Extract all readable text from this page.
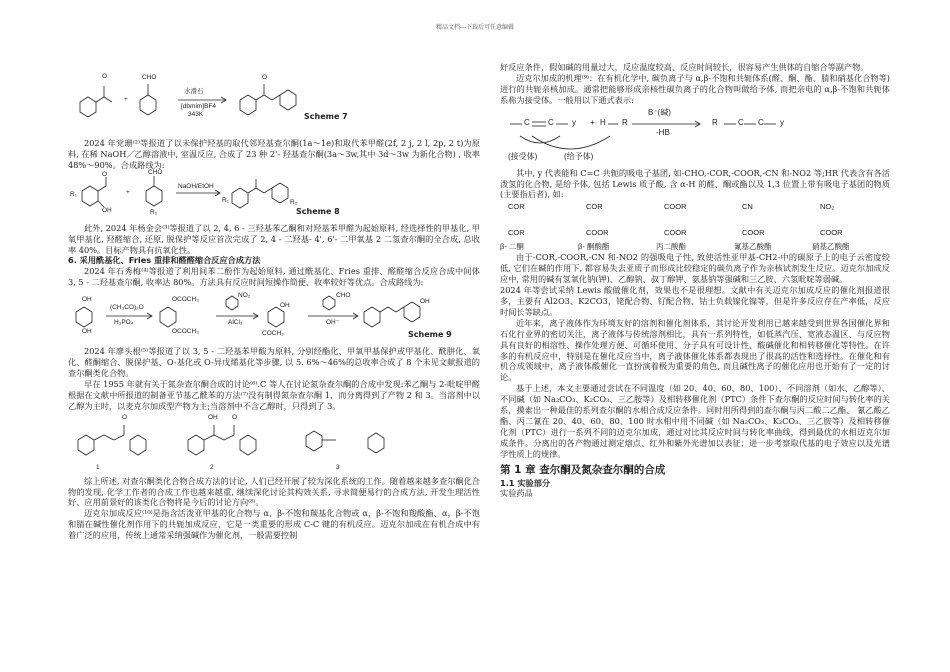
精品文档---下载后可任意编辑
O	CHO
+
水滑石
[dbmim]BF4
343K
O
Scheme 7

2024 年党珊⁽²⁾等报道了以未保护羟基的取代邻羟基查尔酮(1a～1e)和取代苯甲醛(2f, 2 j, 2 l, 2p, 2 t)为原料, 在稀 NaOH／乙醇溶液中, 室温反应, 合成了 23 种 2'- 羟基查尔酮(3a～3w,其中 3d～3w 为新化合物) , 收率 48%～90%。合成路线为:

R₁
O
OH
+
CHO
R₂
NaOH/EtOH
R₁	R₂
Scheme 8

此外, 2024 年杨金会⁽³⁾等报道了以 2, 4, 6 - 三羟基苯乙酮和对羟基苯甲醛为起始原料, 经选择性的甲基化, 甲氧甲基化, 羟醛缩合, 还原, 脱保护等反应首次完成了 2, 4 - 二羟基- 4', 6'- 二甲氧基 2 二氢查尔酮的全合成, 总收率 40%。目标产物具有抗氧化性。

6. 采用酰基化、Fries 重排和醛醛缩合反应合成方法

2024 年石秀梅⁽⁴⁾等报道了利用间苯二酚作为起始原料, 通过酰基化、Fries 重排、醛醛缩合反应合成中间体 3, 5 - 二羟基查尔酮, 收率达 80%。方法具有反应时间短操作简便、收率较好等优点。合成路线为:

OH
OH
(CH₃CO)₂O
H₃PO₄
OCOCH₃
OCOCH₃
NO₂
AlCl₃
OH
COCH₃
CHO
OH⁻
OH
Scheme 9

2024 年廖头根⁽⁵⁾等报道了以 3, 5 - 二羟基苯甲酸为原料, 分别经酯化、甲氧甲基保护或甲基化、酰肼化、氧化、醛酮缩合、脱保护基、O-基化或 O-异戊烯基化等步骤, 以 5. 6%～46%的总收率合成了 8 个未见文献报道的查尔酮类化合物。

早在 1955 年就有关于氮杂查尔酮合成的讨论⁽⁶⁾.C 等人在讨论氮杂查尔酮的合成中发现:苯乙酮与 2-吡啶甲醛根据在文献中所报道的制备亚节基乙酰苯的方法⁽⁷⁾没有制得氮杂查尔酮 1，而分离得到了产物 2 和 3。当溶剂中以乙醇为主时，以麦克尔加成型产物为主;当溶剂中不含乙醇时，只得到了 3。

O	OH O
1	2	3

综上所述, 对查尔酮类化合物合成方法的讨论, 人们已经开展了较为深化系统的工作。随着越来越多查尔酮化合物的发现, 化学工作者的合成工作也越来越重, 继续深化讨论其构效关系, 寻求简便易行的合成方法, 开发生理活性好、应用前景好的该类化合物将是今后的讨论方向⁽⁸⁾。

迈克尔加成反应⁽¹⁰⁾是指含活泼亚甲基的化合物与 α，β-不饱和羰基化合物或 α，β-不饱和羧酸酯、α，β-不饱和腈在碱性催化剂作用下的共轭加成反应，它是一类重要的形成 C-C 键的有机反应。迈克尔加成在有机合成中有着广泛的应用，传统上通常采纳强碱作为催化剂，一般需要控制

好反应条件，假如碱的用量过大，反应温度较高、反应时间较长，很容易产生供体的自缩合等副产物。

迈克尔加成的机理⁽⁹⁾：在有机化学中, 碳负离子与 α,β-不饱和共轭体系(醛、酮、酯、腈和硝基化合物等)进行的共轭亲核加成。通常把能够形成亲核性碳负离子的化合物叫做给予体, 而把亲电的 α,β-不饱和共轭体系称为接受体。一般用以下通式表示:

C C y + H R
B⁻(碱)
-HB
R	C C y
(接受体)	(给予体)

其中, y 代表能和 C=C 共轭的吸电子基团, 如-CHO,-COR,-COOR,-CN 和-NO2 等;HR 代表含有各活泼氢的化合物, 是给予体, 包括 Lewis 质子酸, 含 α-H 的醛、酮或酯以及 1,3 位置上带有吸电子基团的物质(主要指后者), 如:

COR
COR
β- 二酮
COR
COOR
β- 酮酸酯
COOR
COOR
丙二酸酯
CN
COOR
氰基乙酸酯
NO₂
COOR
硝基乙酸酯

由于-COR,-COOR,-CN 和-NO2 的强吸电子性, 致使活性亚甲基-CH2-中的碳原子上的电子云密度较低, 它们在碱的作用下, 都容易失去亚质子而形成比较稳定的碳负离子作为亲核试剂发生反应。迈克尔加成反应中, 常用的碱有氢氧化钠(钾)、乙醇钠、叔丁醇钾、氨基钠等强碱和三乙胺、六氢吡啶等弱碱。

2024 年等尝试采纳 Lewis 酸做催化剂，效果也不是很理想。文献中有关迈克尔加成反应的催化剂报道很多，主要有 Al2O3、K2CO3，铑配合物、钌配合物、钴士负载镍化镍等，但是许多反应存在产率低，反应时间长等缺点。

近年来，离子液体作为环境友好的溶剂和催化剂体系，其讨论开发利用已越来越受到世界各国催化界和石化行业界的密切关注，离子液体与传统溶剂相比，具有一系列特性，如低蒸汽压、宽液态温区、与反应物具有良好的相溶性、操作处理方便、可循环使用、分子具有可设计性、酸碱催化和相转移催化等特性。在许多的有机反应中，特别是在催化反应当中，离子液体催化体系都表现出了很高的活性和选择性。在催化和有机合成领域中，离子液体酸催化一直扮演着极为重要的角色, 而且碱性离子的催化应用也开始有了一定的讨论。

基于上述，本文主要通过尝试在不同温度（如 20、40、60、80、100）、不同溶剂（如水、乙醇等）、不同碱（如 Na₂CO₃、K₂CO₃、三乙胺等）及相转移催化剂（PTC）条件下查尔酮的反应时间与转化率的关系，摸索出一种最佳的系列查尔酮的水相合成反应条件。同时用所得到的查尔酮与丙二酸二乙酯、 氰乙酸乙酯、丙二氰在 20、40、60、80、100 时水相中用不同碱（如 Na₂CO₃、K₂CO₃、三乙胺等）及相转移催化剂（PTC）进行一系列不同的迈克尔加成，通过对比其反应时间与转化率曲线，得到最优的水相迈克尔加成条件。分离出的各产物通过测定熔点、红外和紫外光谱加以表征；进一步考察取代基的电子效应以及光谱学性质上的规律。

第 1 章 查尔酮及氮杂查尔酮的合成
1.1 实验部分
实验药品
